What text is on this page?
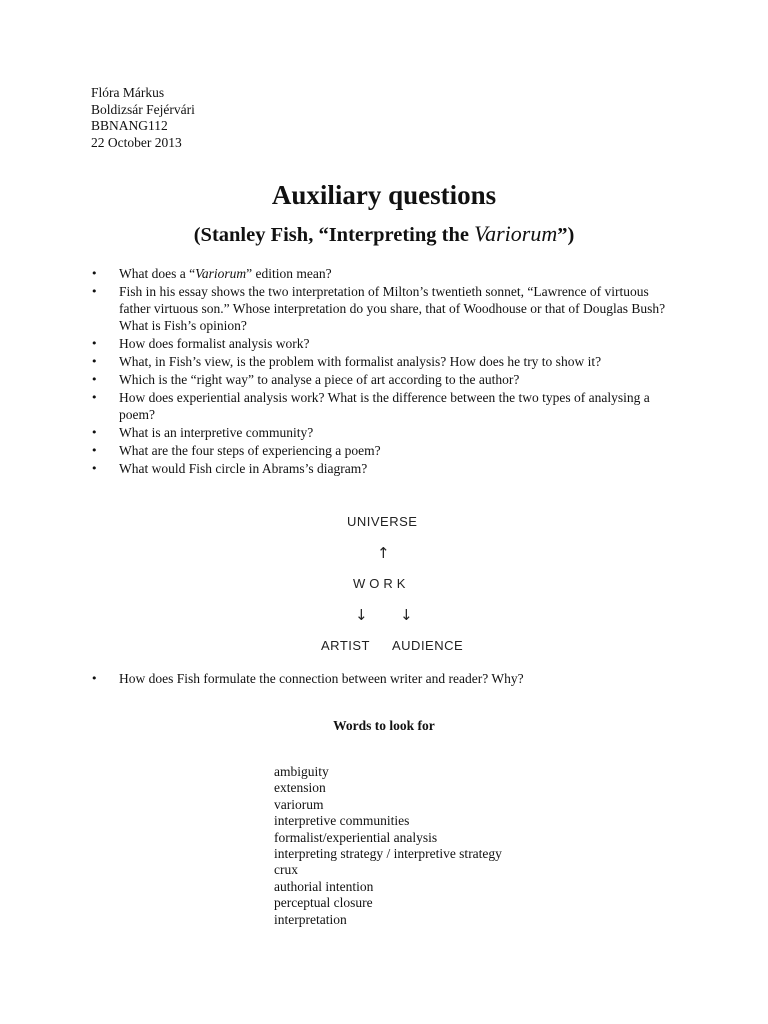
Flóra Márkus
Boldizsár Fejérvári
BBNANG112
22 October 2013
Auxiliary questions
(Stanley Fish, “Interpreting the Variorum”)
•	What does a “Variorum” edition mean?
•	Fish in his essay shows the two interpretation of Milton’s twentieth sonnet, “Lawrence of virtuous father virtuous son.” Whose interpretation do you share, that of Woodhouse or that of Douglas Bush? What is Fish’s opinion?
•	How does formalist analysis work?
•	What, in Fish’s view, is the problem with formalist analysis? How does he try to show it?
•	Which is the “right way” to analyse a piece of art according to the author?
•	How does experiential analysis work? What is the difference between the two types of analysing a poem?
•	What is an interpretive community?
•	What are the four steps of experiencing a poem?
•	What would Fish circle in Abrams’s diagram?
UNIVERSE
↑
WORK
↓ ↓
ARTIST AUDIENCE
•	How does Fish formulate the connection between writer and reader? Why?
Words to look for
ambiguity
extension
variorum
interpretive communities
formalist/experiential analysis
interpreting strategy / interpretive strategy
crux
authorial intention
perceptual closure
interpretation
